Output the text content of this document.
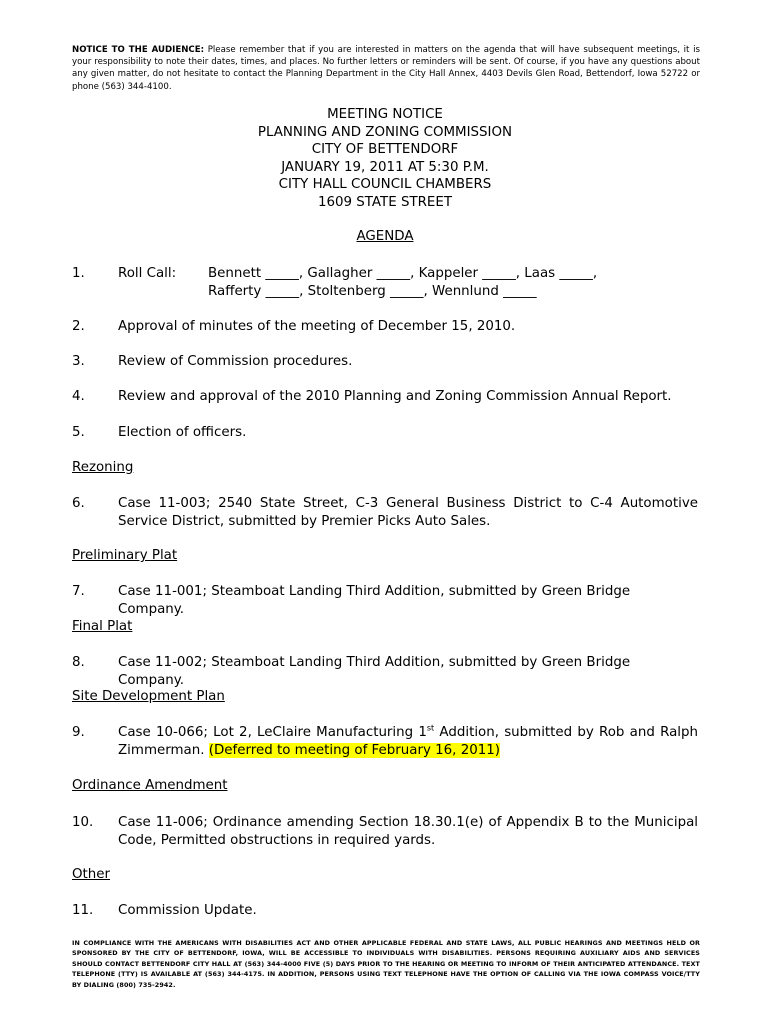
NOTICE TO THE AUDIENCE: Please remember that if you are interested in matters on the agenda that will have subsequent meetings, it is your responsibility to note their dates, times, and places. No further letters or reminders will be sent. Of course, if you have any questions about any given matter, do not hesitate to contact the Planning Department in the City Hall Annex, 4403 Devils Glen Road, Bettendorf, Iowa 52722 or phone (563) 344-4100.
MEETING NOTICE
PLANNING AND ZONING COMMISSION
CITY OF BETTENDORF
JANUARY 19, 2011 AT 5:30 P.M.
CITY HALL COUNCIL CHAMBERS
1609 STATE STREET
AGENDA
1. Roll Call: Bennett _____, Gallagher _____, Kappeler _____, Laas _____,
Rafferty _____, Stoltenberg _____, Wennlund _____
2. Approval of minutes of the meeting of December 15, 2010.
3. Review of Commission procedures.
4. Review and approval of the 2010 Planning and Zoning Commission Annual Report.
5. Election of officers.
Rezoning
6. Case 11-003; 2540 State Street, C-3 General Business District to C-4 Automotive Service District, submitted by Premier Picks Auto Sales.
Preliminary Plat
7. Case 11-001; Steamboat Landing Third Addition, submitted by Green Bridge Company.
Final Plat
8. Case 11-002; Steamboat Landing Third Addition, submitted by Green Bridge Company.
Site Development Plan
9. Case 10-066; Lot 2, LeClaire Manufacturing 1st Addition, submitted by Rob and Ralph Zimmerman. (Deferred to meeting of February 16, 2011)
Ordinance Amendment
10. Case 11-006; Ordinance amending Section 18.30.1(e) of Appendix B to the Municipal Code, Permitted obstructions in required yards.
Other
11. Commission Update.
IN COMPLIANCE WITH THE AMERICANS WITH DISABILITIES ACT AND OTHER APPLICABLE FEDERAL AND STATE LAWS, ALL PUBLIC HEARINGS AND MEETINGS HELD OR SPONSORED BY THE CITY OF BETTENDORF, IOWA, WILL BE ACCESSIBLE TO INDIVIDUALS WITH DISABILITIES. PERSONS REQUIRING AUXILIARY AIDS AND SERVICES SHOULD CONTACT BETTENDORF CITY HALL AT (563) 344-4000 FIVE (5) DAYS PRIOR TO THE HEARING OR MEETING TO INFORM OF THEIR ANTICIPATED ATTENDANCE. TEXT TELEPHONE (TTY) IS AVAILABLE AT (563) 344-4175. IN ADDITION, PERSONS USING TEXT TELEPHONE HAVE THE OPTION OF CALLING VIA THE IOWA COMPASS VOICE/TTY BY DIALING (800) 735-2942.
